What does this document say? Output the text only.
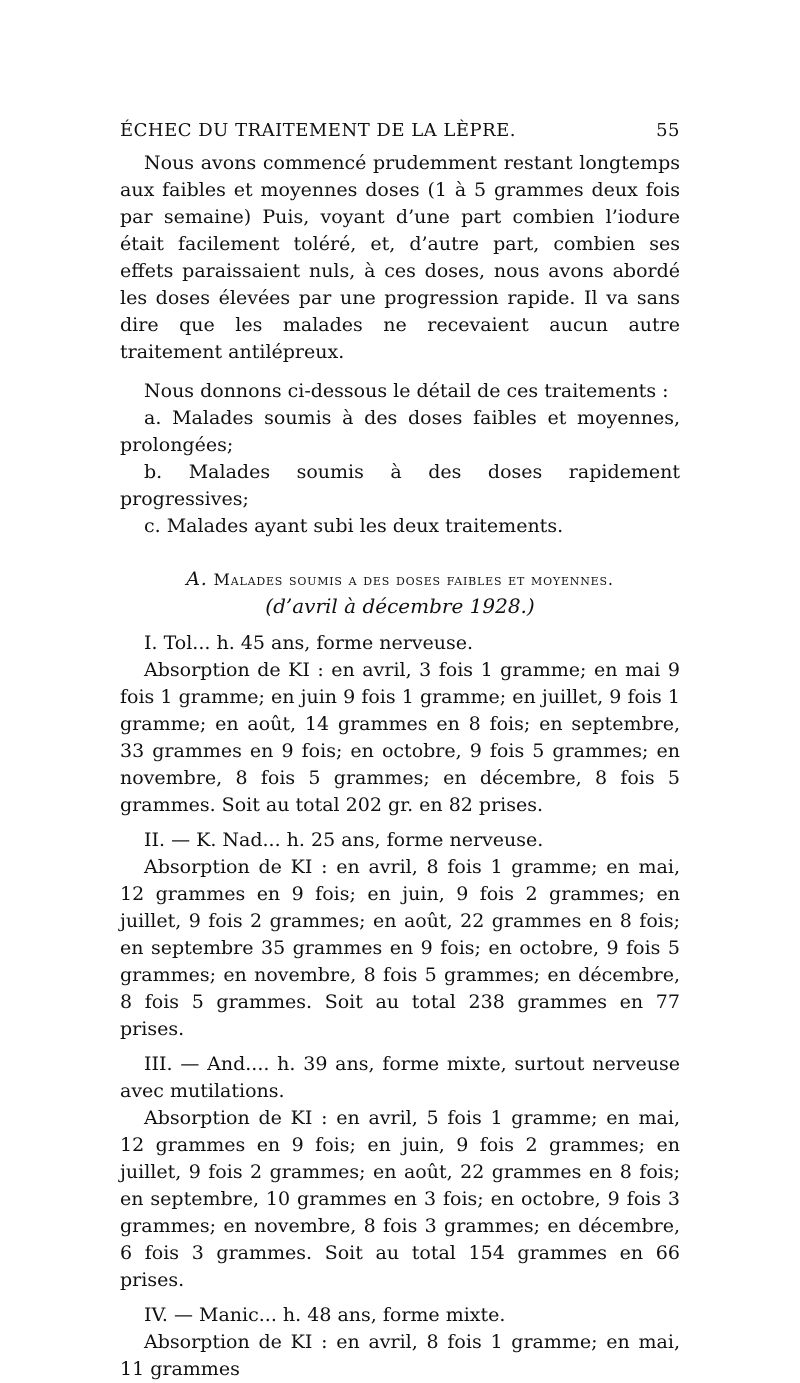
ÉCHEC DU TRAITEMENT DE LA LÈPRE.	55

Nous avons commencé prudemment restant longtemps aux faibles et moyennes doses (1 à 5 grammes deux fois par semaine) Puis, voyant d’une part combien l’iodure était facilement toléré, et, d’autre part, combien ses effets paraissaient nuls, à ces doses, nous avons abordé les doses élevées par une progression rapide. Il va sans dire que les malades ne recevaient aucun autre traitement antilépreux.

Nous donnons ci-dessous le détail de ces traitements :

a. Malades soumis à des doses faibles et moyennes, prolongées;

b. Malades soumis à des doses rapidement progressives;

c. Malades ayant subi les deux traitements.

A. Malades soumis a des doses faibles et moyennes.
(d’avril à décembre 1928.)

I. Tol... h. 45 ans, forme nerveuse.

Absorption de KI : en avril, 3 fois 1 gramme; en mai 9 fois 1 gramme; en juin 9 fois 1 gramme; en juillet, 9 fois 1 gramme; en août, 14 grammes en 8 fois; en septembre, 33 grammes en 9 fois; en octobre, 9 fois 5 grammes; en novembre, 8 fois 5 grammes; en décembre, 8 fois 5 grammes. Soit au total 202 gr. en 82 prises.

II. — K. Nad... h. 25 ans, forme nerveuse.

Absorption de KI : en avril, 8 fois 1 gramme; en mai, 12 grammes en 9 fois; en juin, 9 fois 2 grammes; en juillet, 9 fois 2 grammes; en août, 22 grammes en 8 fois; en septembre 35 grammes en 9 fois; en octobre, 9 fois 5 grammes; en novembre, 8 fois 5 grammes; en décembre, 8 fois 5 grammes. Soit au total 238 grammes en 77 prises.

III. — And.... h. 39 ans, forme mixte, surtout nerveuse avec mutilations.

Absorption de KI : en avril, 5 fois 1 gramme; en mai, 12 grammes en 9 fois; en juin, 9 fois 2 grammes; en juillet, 9 fois 2 grammes; en août, 22 grammes en 8 fois; en septembre, 10 grammes en 3 fois; en octobre, 9 fois 3 grammes; en novembre, 8 fois 3 grammes; en décembre, 6 fois 3 grammes. Soit au total 154 grammes en 66 prises.

IV. — Manic... h. 48 ans, forme mixte.

Absorption de KI : en avril, 8 fois 1 gramme; en mai, 11 grammes
